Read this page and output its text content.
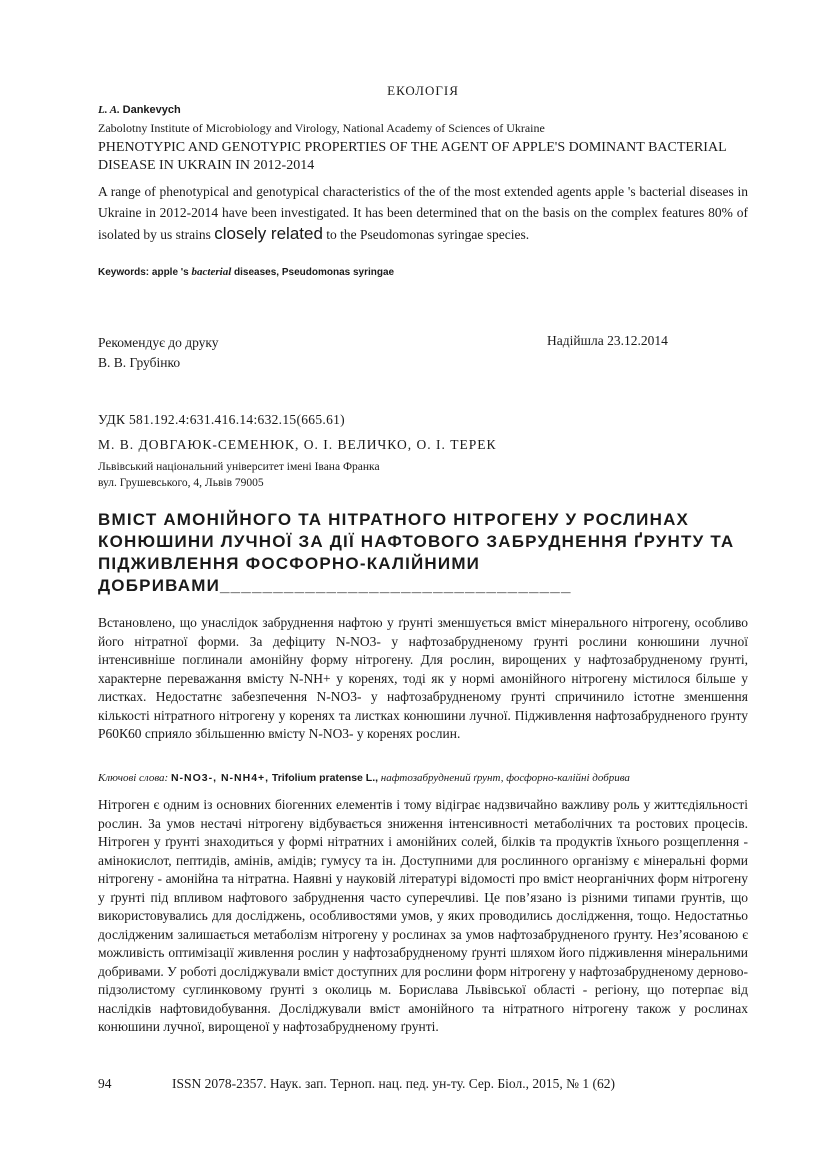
ЕКОЛОГІЯ
L. A. Dankevych
Zabolotny Institute of Microbiology and Virology, National Academy of Sciences of Ukraine
PHENOTYPIC AND GENOTYPIC PROPERTIES OF THE AGENT OF APPLE'S DOMINANT BACTERIAL DISEASE IN UKRAIN IN 2012-2014
A range of phenotypical and genotypical characteristics of the of the most extended agents apple 's bacterial diseases in Ukraine in 2012-2014 have been investigated. It has been determined that on the basis on the complex features 80% of isolated by us strains closely related to the Pseudomonas syringae species.
Keywords: apple 's bacterial diseases, Pseudomonas syringae
Рекомендує до друку
В. В. Грубінко
Надійшла 23.12.2014
УДК 581.192.4:631.416.14:632.15(665.61)
М. В. ДОВГАЮК-СЕМЕНЮК, О. І. ВЕЛИЧКО, О. І. ТЕРЕК
Львівський національний університет імені Івана Франка
вул. Грушевського, 4, Львів 79005
ВМІСТ АМОНІЙНОГО ТА НІТРАТНОГО НІТРОГЕНУ У РОСЛИНАХ КОНЮШИНИ ЛУЧНОЇ ЗА ДІЇ НАФТОВОГО ЗАБРУДНЕННЯ ҐРУНТУ ТА ПІДЖИВЛЕННЯ ФОСФОРНО-КАЛІЙНИМИ ДОБРИВАМИ_________________________________
Встановлено, що унаслідок забруднення нафтою у ґрунті зменшується вміст мінерального нітрогену, особливо його нітратної форми. За дефіциту N-NO3- у нафтозабрудненому ґрунті рослини конюшини лучної інтенсивніше поглинали амонійну форму нітрогену. Для рослин, вирощених у нафтозабрудненому ґрунті, характерне переважання вмісту N-NH+ у коренях, тоді як у нормі амонійного нітрогену містилося більше у листках. Недостатнє забезпечення N-NO3- у нафтозабрудненому ґрунті спричинило істотне зменшення кількості нітратного нітрогену у коренях та листках конюшини лучної. Підживлення нафтозабрудненого ґрунту Р60К60 сприяло збільшенню вмісту N-NO3- у коренях рослин.
Ключові слова: N-NO3-, N-NH4+, Trifolium pratense L., нафтозабруднений ґрунт, фосфорно-калійні добрива
Нітроген є одним із основних біогенних елементів і тому відіграє надзвичайно важливу роль у життєдіяльності рослин. За умов нестачі нітрогену відбувається зниження інтенсивності метаболічних та ростових процесів. Нітроген у ґрунті знаходиться у формі нітратних і амонійних солей, білків та продуктів їхнього розщеплення - амінокислот, пептидів, амінів, амідів; гумусу та ін. Доступними для рослинного організму є мінеральні форми нітрогену - амонійна та нітратна. Наявні у науковій літературі відомості про вміст неорганічних форм нітрогену у ґрунті під впливом нафтового забруднення часто суперечливі. Це пов’язано із різними типами ґрунтів, що використовувались для досліджень, особливостями умов, у яких проводились дослідження, тощо. Недостатньо дослідженим залишається метаболізм нітрогену у рослинах за умов нафтозабрудненого ґрунту. Нез’ясованою є можливість оптимізації живлення рослин у нафтозабрудненому ґрунті шляхом його підживлення мінеральними добривами. У роботі досліджували вміст доступних для рослини форм нітрогену у нафтозабрудненому дерново-підзолистому суглинковому ґрунті з околиць м. Борислава Львівської області - регіону, що потерпає від наслідків нафтовидобування. Досліджували вміст амонійного та нітратного нітрогену також у рослинах конюшини лучної, вирощеної у нафтозабрудненому ґрунті.
94	ISSN 2078-2357. Наук. зап. Терноп. нац. пед. ун-ту. Сер. Біол., 2015, № 1 (62)
